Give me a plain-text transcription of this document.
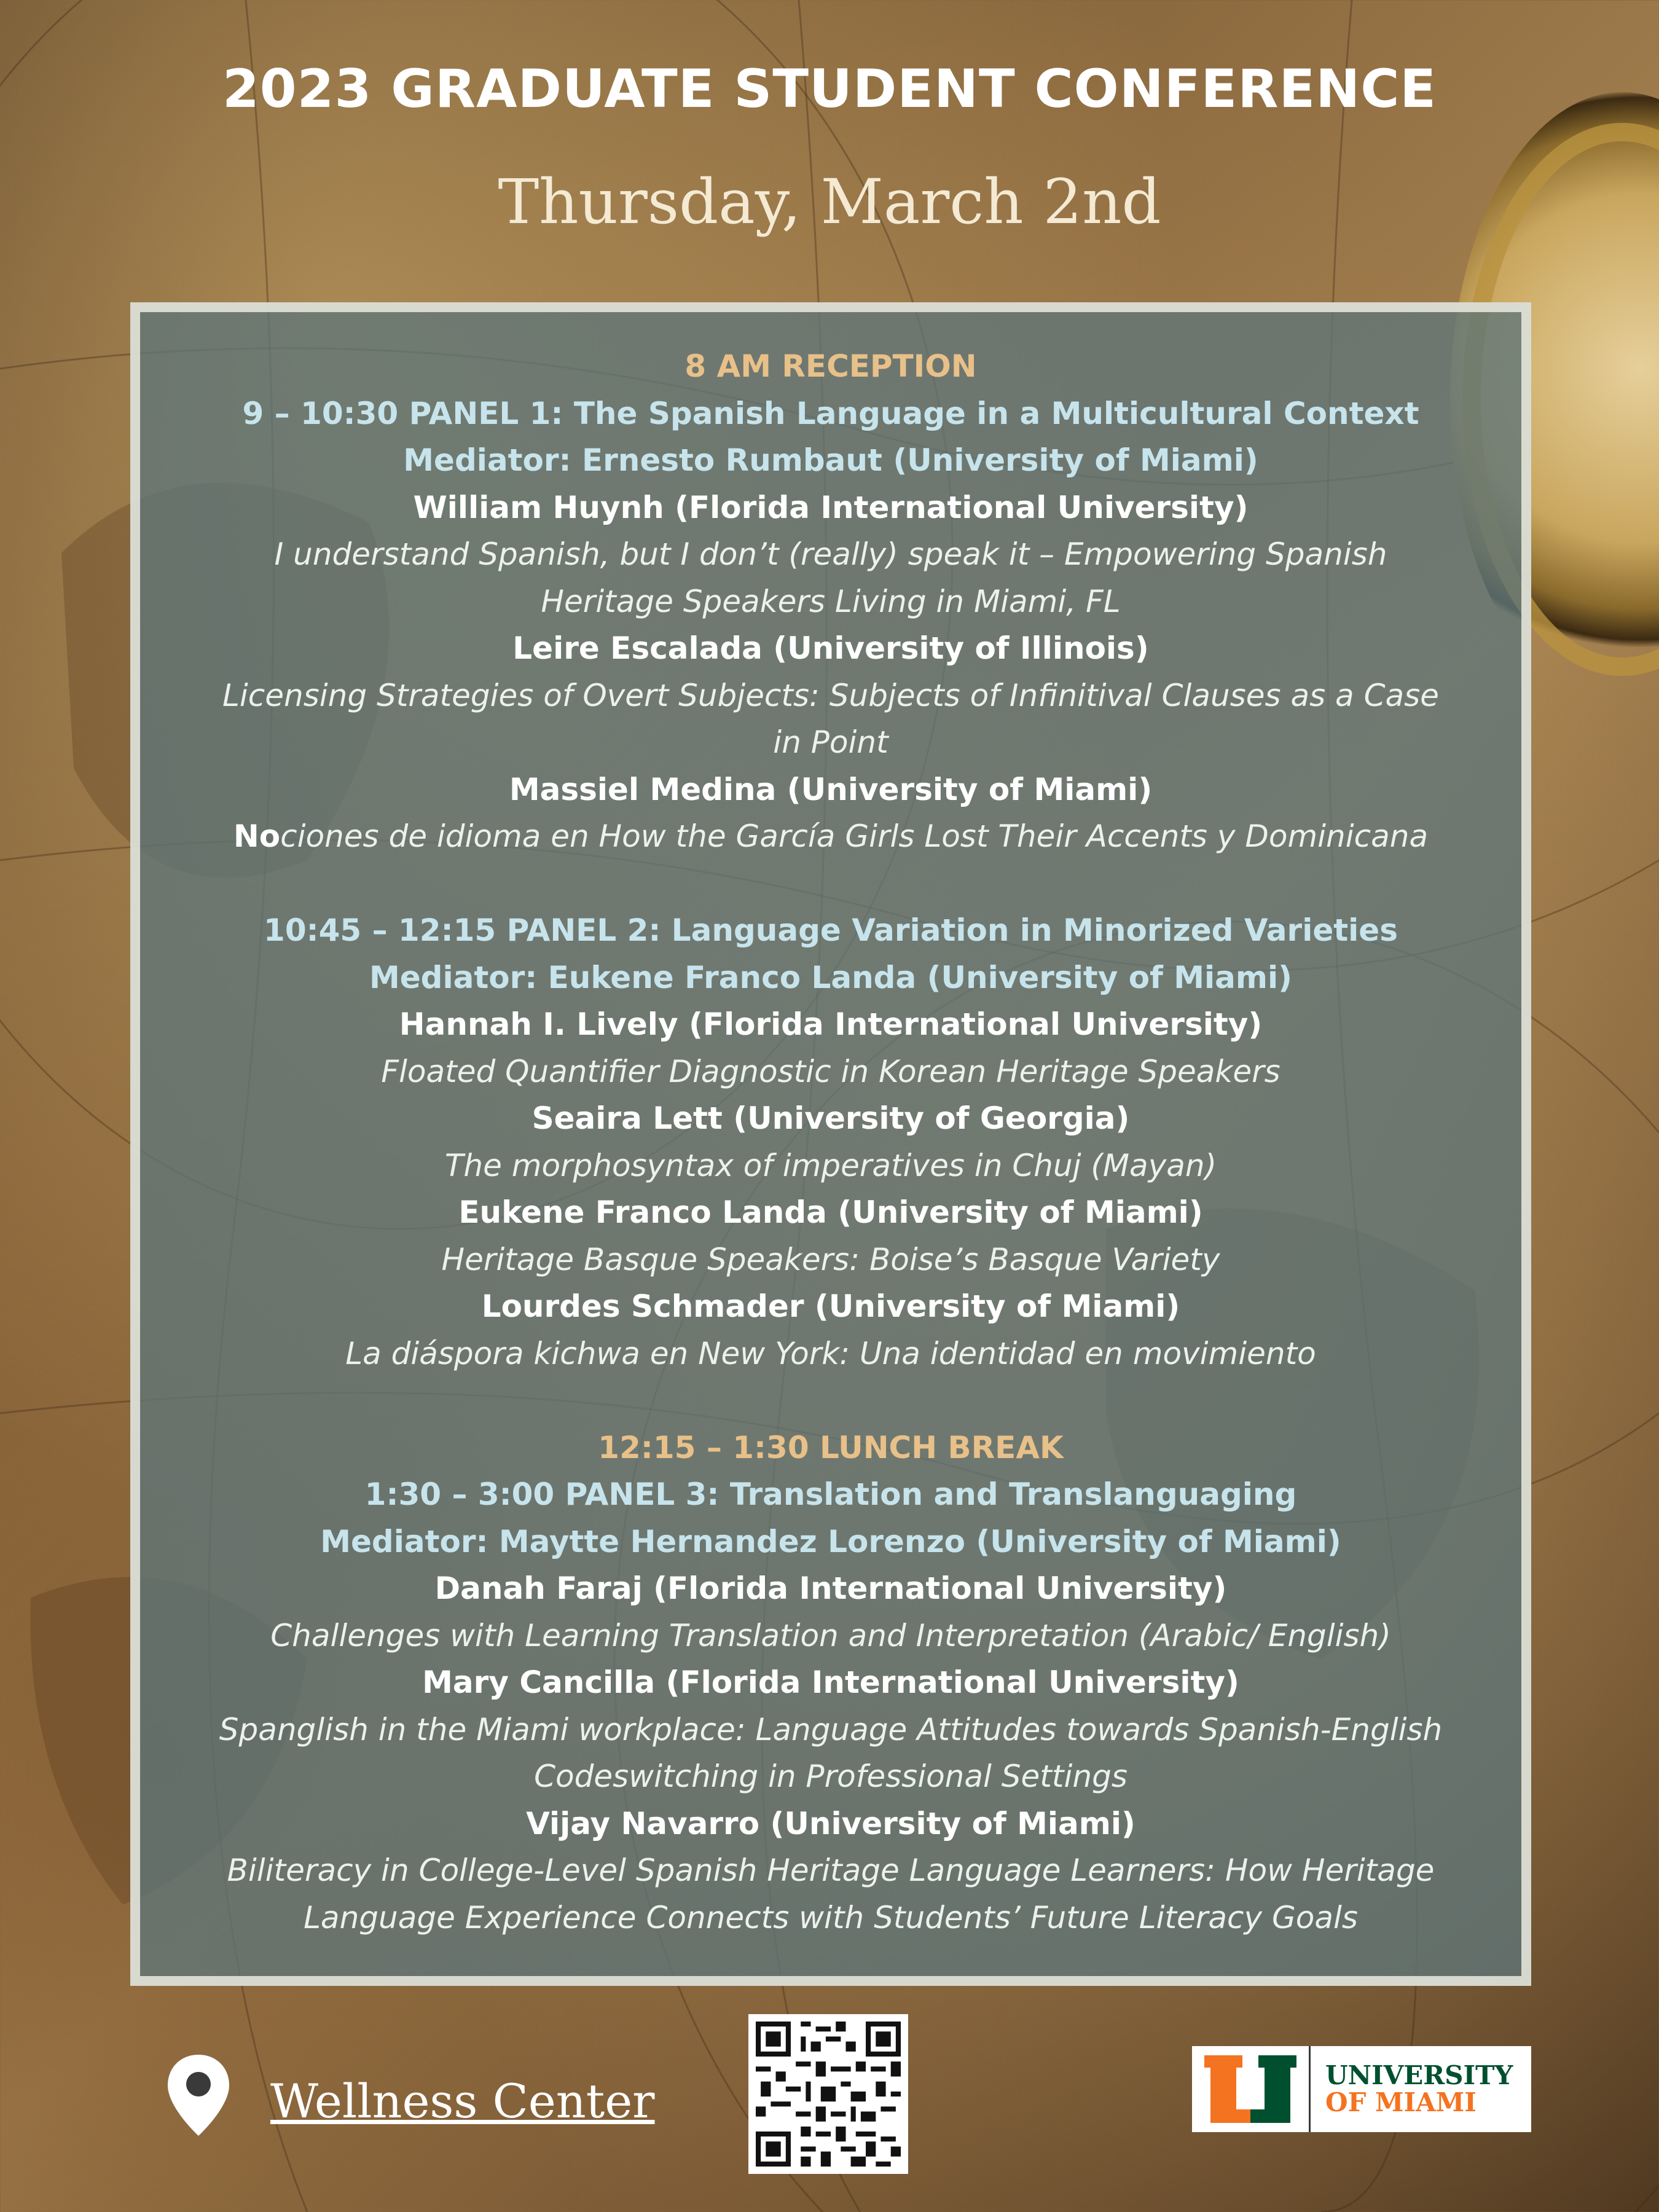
2023 GRADUATE STUDENT CONFERENCE
Thursday, March 2nd
8 AM RECEPTION
9 – 10:30 PANEL 1: The Spanish Language in a Multicultural Context
Mediator: Ernesto Rumbaut (University of Miami)
William Huynh (Florida International University)
I understand Spanish, but I don’t (really) speak it – Empowering Spanish
Heritage Speakers Living in Miami, FL
Leire Escalada (University of Illinois)
Licensing Strategies of Overt Subjects: Subjects of Infinitival Clauses as a Case
in Point
Massiel Medina (University of Miami)
Nociones de idioma en How the García Girls Lost Their Accents y Dominicana
10:45 – 12:15 PANEL 2: Language Variation in Minorized Varieties
Mediator: Eukene Franco Landa (University of Miami)
Hannah I. Lively (Florida International University)
Floated Quantifier Diagnostic in Korean Heritage Speakers
Seaira Lett (University of Georgia)
The morphosyntax of imperatives in Chuj (Mayan)
Eukene Franco Landa (University of Miami)
Heritage Basque Speakers: Boise’s Basque Variety
Lourdes Schmader (University of Miami)
La diáspora kichwa en New York: Una identidad en movimiento
12:15 – 1:30 LUNCH BREAK
1:30 – 3:00 PANEL 3: Translation and Translanguaging
Mediator: Maytte Hernandez Lorenzo (University of Miami)
Danah Faraj (Florida International University)
Challenges with Learning Translation and Interpretation (Arabic/ English)
Mary Cancilla (Florida International University)
Spanglish in the Miami workplace: Language Attitudes towards Spanish-English
Codeswitching in Professional Settings
Vijay Navarro (University of Miami)
Biliteracy in College-Level Spanish Heritage Language Learners: How Heritage
Language Experience Connects with Students’ Future Literacy Goals
Wellness Center	UNIVERSITY
OF MIAMI
